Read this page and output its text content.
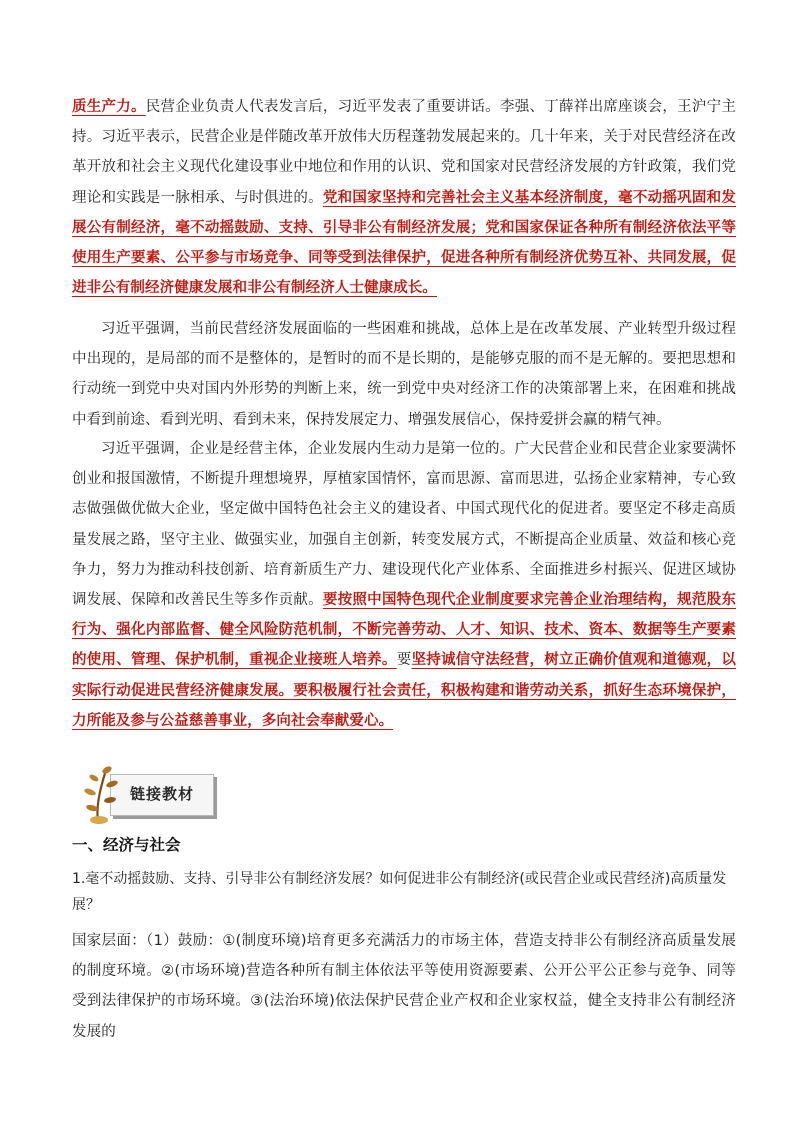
质生产力。民营企业负责人代表发言后，习近平发表了重要讲话。李强、丁薛祥出席座谈会，王沪宁主持。习近平表示，民营企业是伴随改革开放伟大历程蓬勃发展起来的。几十年来，关于对民营经济在改革开放和社会主义现代化建设事业中地位和作用的认识、党和国家对民营经济发展的方针政策，我们党理论和实践是一脉相承、与时俱进的。党和国家坚持和完善社会主义基本经济制度，毫不动摇巩固和发展公有制经济，毫不动摇鼓励、支持、引导非公有制经济发展；党和国家保证各种所有制经济依法平等使用生产要素、公平参与市场竞争、同等受到法律保护，促进各种所有制经济优势互补、共同发展，促进非公有制经济健康发展和非公有制经济人士健康成长。
习近平强调，当前民营经济发展面临的一些困难和挑战，总体上是在改革发展、产业转型升级过程中出现的，是局部的而不是整体的，是暂时的而不是长期的，是能够克服的而不是无解的。要把思想和行动统一到党中央对国内外形势的判断上来，统一到党中央对经济工作的决策部署上来，在困难和挑战中看到前途、看到光明、看到未来，保持发展定力、增强发展信心，保持爱拼会赢的精气神。
习近平强调，企业是经营主体，企业发展内生动力是第一位的。广大民营企业和民营企业家要满怀创业和报国激情，不断提升理想境界，厚植家国情怀，富而思源、富而思进，弘扬企业家精神，专心致志做强做优做大企业，坚定做中国特色社会主义的建设者、中国式现代化的促进者。要坚定不移走高质量发展之路，坚守主业、做强实业，加强自主创新，转变发展方式，不断提高企业质量、效益和核心竞争力，努力为推动科技创新、培育新质生产力、建设现代化产业体系、全面推进乡村振兴、促进区域协调发展、保障和改善民生等多作贡献。要按照中国特色现代企业制度要求完善企业治理结构，规范股东行为、强化内部监督、健全风险防范机制，不断完善劳动、人才、知识、技术、资本、数据等生产要素的使用、管理、保护机制，重视企业接班人培养。要坚持诚信守法经营，树立正确价值观和道德观，以实际行动促进民营经济健康发展。要积极履行社会责任，积极构建和谐劳动关系，抓好生态环境保护，力所能及参与公益慈善事业，多向社会奉献爱心。
链接教材
一、经济与社会
1.毫不动摇鼓励、支持、引导非公有制经济发展？如何促进非公有制经济(或民营企业或民营经济)高质量发展？
国家层面：（1）鼓励：①(制度环境)培育更多充满活力的市场主体，营造支持非公有制经济高质量发展的制度环境。②(市场环境)营造各种所有制主体依法平等使用资源要素、公开公平公正参与竞争、同等受到法律保护的市场环境。③(法治环境)依法保护民营企业产权和企业家权益，健全支持非公有制经济发展的
